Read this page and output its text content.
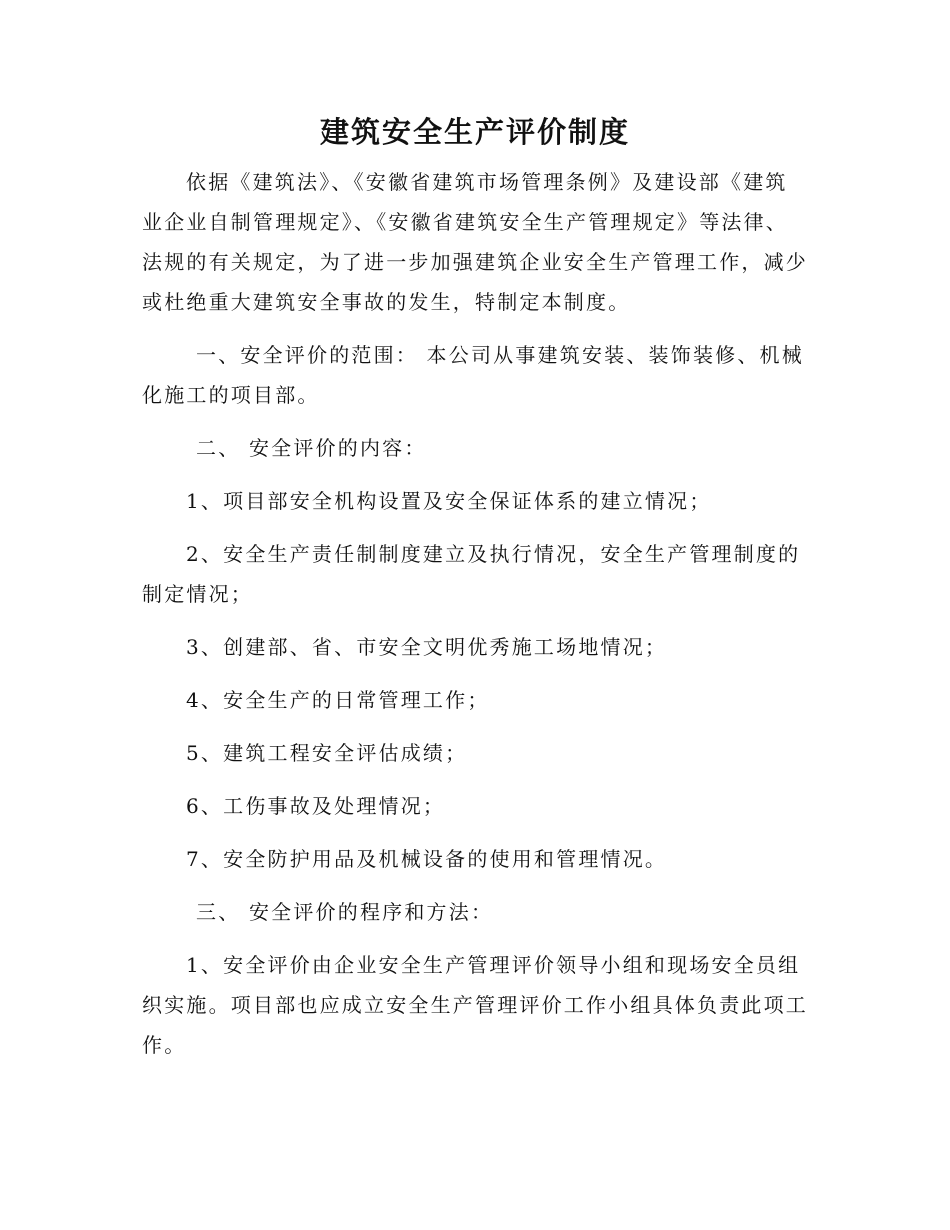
建筑安全生产评价制度

依据《建筑法》、《安徽省建筑市场管理条例》及建设部《建筑业企业自制管理规定》、《安徽省建筑安全生产管理规定》等法律、法规的有关规定，为了进一步加强建筑企业安全生产管理工作，减少或杜绝重大建筑安全事故的发生，特制定本制度。

一、安全评价的范围： 本公司从事建筑安装、装饰装修、机械化施工的项目部。

二、 安全评价的内容：

1、项目部安全机构设置及安全保证体系的建立情况；

2、安全生产责任制制度建立及执行情况，安全生产管理制度的制定情况；

3、创建部、省、市安全文明优秀施工场地情况；

4、安全生产的日常管理工作；

5、建筑工程安全评估成绩；

6、工伤事故及处理情况；

7、安全防护用品及机械设备的使用和管理情况。

三、 安全评价的程序和方法：

1、安全评价由企业安全生产管理评价领导小组和现场安全员组织实施。项目部也应成立安全生产管理评价工作小组具体负责此项工作。
